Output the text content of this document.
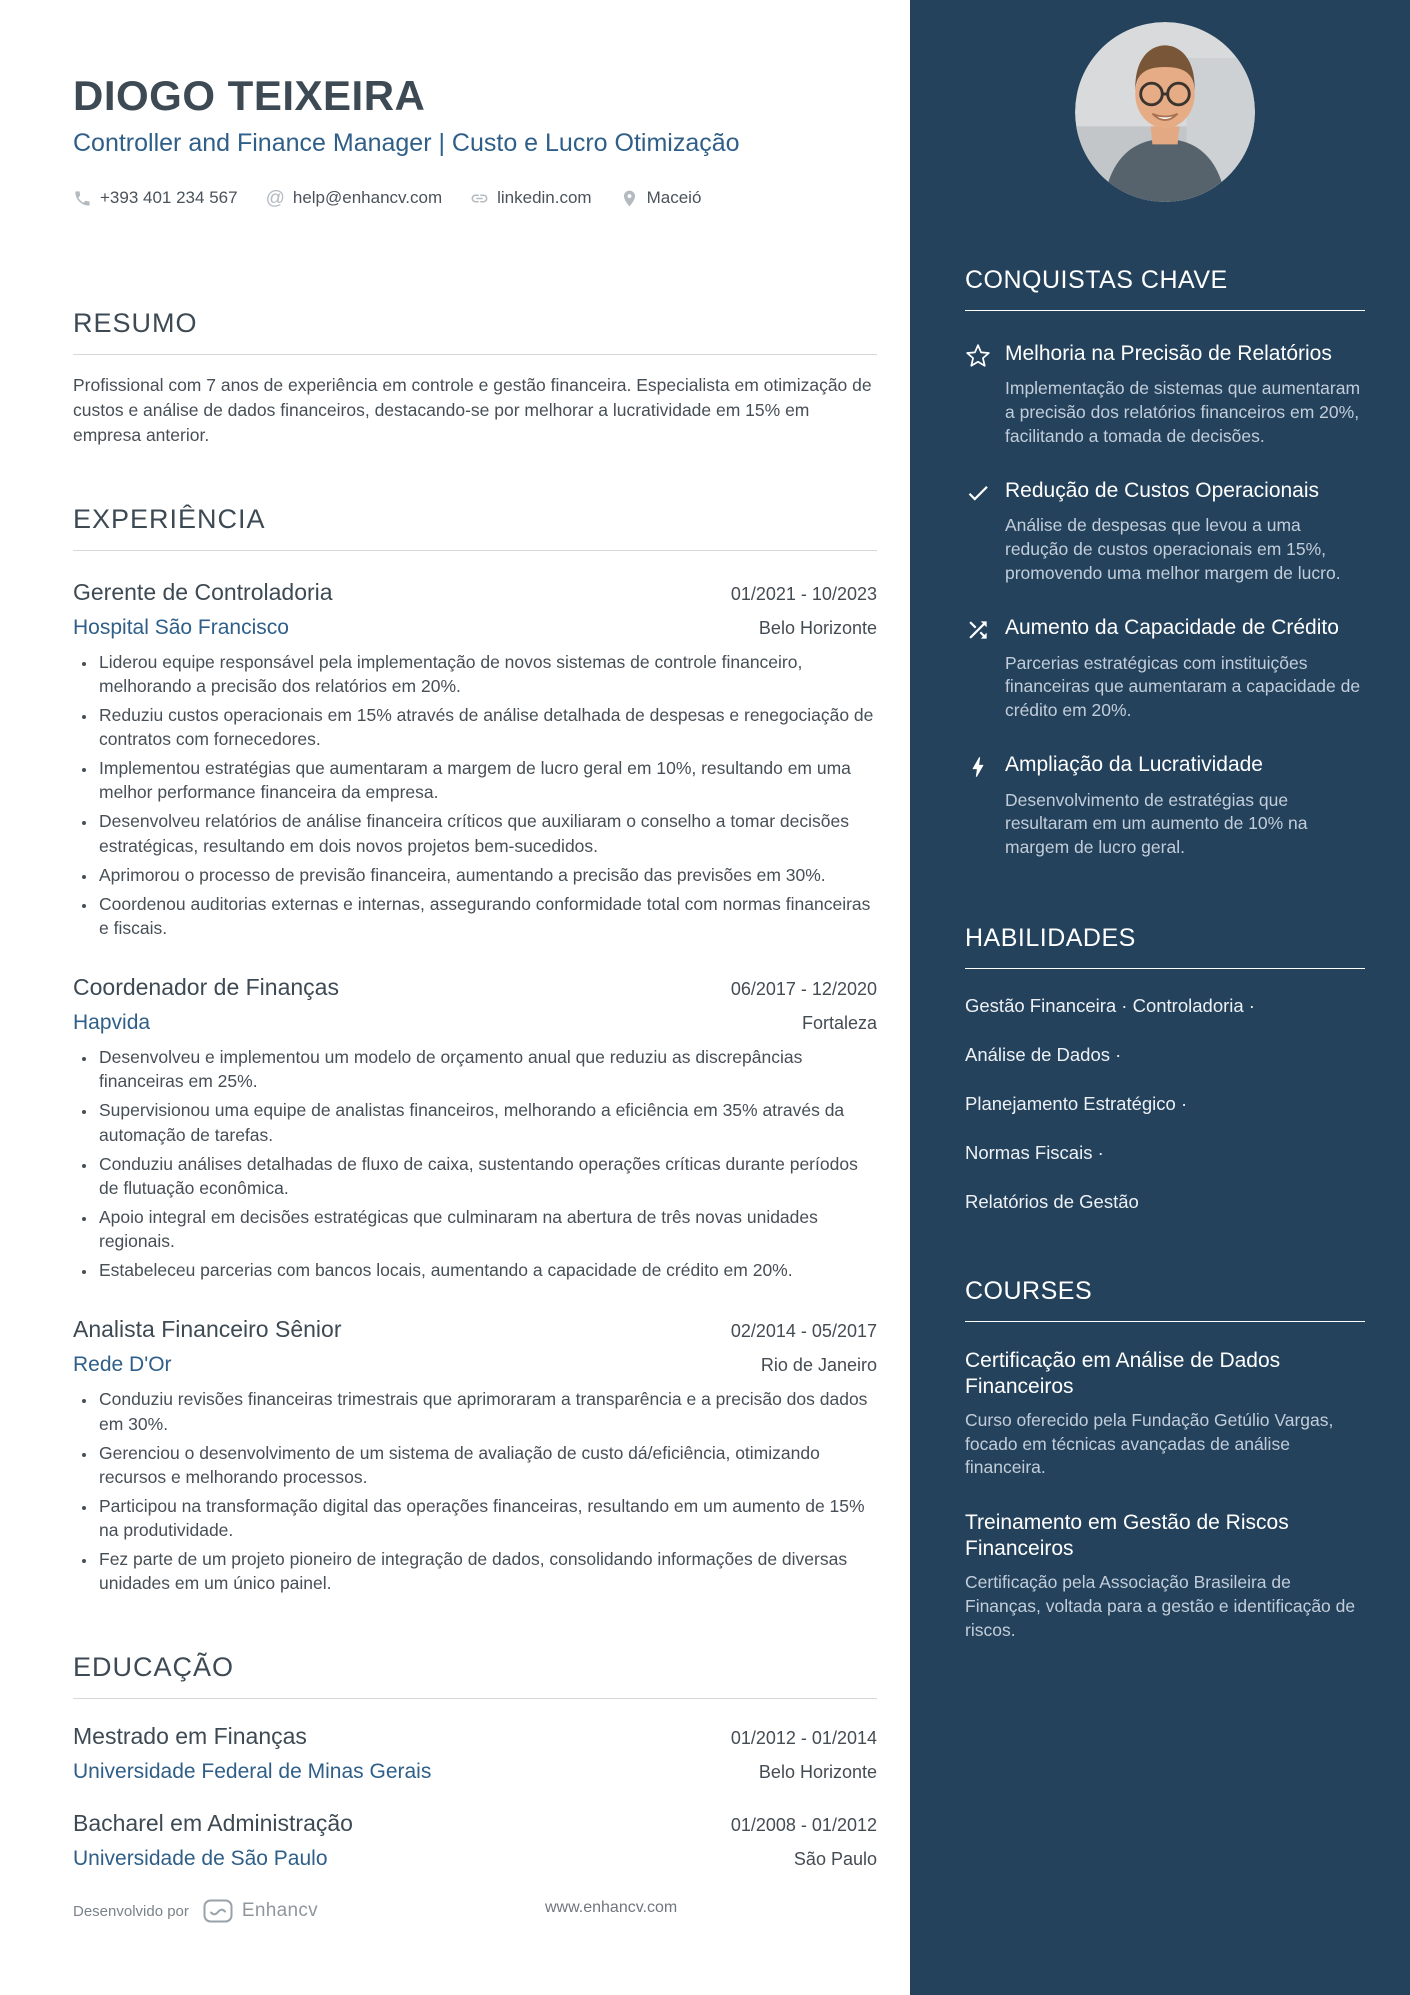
DIOGO TEIXEIRA
Controller and Finance Manager | Custo e Lucro Otimização
+393 401 234 567 @ help@enhancv.com	linkedin.com	Maceió
RESUMO

Profissional com 7 anos de experiência em controle e gestão financeira. Especialista em otimização de custos e análise de dados financeiros, destacando-se por melhorar a lucratividade em 15% em empresa anterior.

EXPERIÊNCIA
Gerente de Controladoria	01/2021 - 10/2023
Hospital São Francisco	Belo Horizonte
• Liderou equipe responsável pela implementação de novos sistemas de controle financeiro, melhorando a precisão dos relatórios em 20%.
• Reduziu custos operacionais em 15% através de análise detalhada de despesas e renegociação de contratos com fornecedores.
• Implementou estratégias que aumentaram a margem de lucro geral em 10%, resultando em uma melhor performance financeira da empresa.
• Desenvolveu relatórios de análise financeira críticos que auxiliaram o conselho a tomar decisões estratégicas, resultando em dois novos projetos bem-sucedidos.
• Aprimorou o processo de previsão financeira, aumentando a precisão das previsões em 30%.
• Coordenou auditorias externas e internas, assegurando conformidade total com normas financeiras e fiscais.
Coordenador de Finanças	06/2017 - 12/2020
Hapvida	Fortaleza
• Desenvolveu e implementou um modelo de orçamento anual que reduziu as discrepâncias financeiras em 25%.
• Supervisionou uma equipe de analistas financeiros, melhorando a eficiência em 35% através da automação de tarefas.
• Conduziu análises detalhadas de fluxo de caixa, sustentando operações críticas durante períodos de flutuação econômica.
• Apoio integral em decisões estratégicas que culminaram na abertura de três novas unidades regionais.
• Estabeleceu parcerias com bancos locais, aumentando a capacidade de crédito em 20%.
Analista Financeiro Sênior	02/2014 - 05/2017
Rede D'Or	Rio de Janeiro
• Conduziu revisões financeiras trimestrais que aprimoraram a transparência e a precisão dos dados em 30%.
• Gerenciou o desenvolvimento de um sistema de avaliação de custo dá/eficiência, otimizando recursos e melhorando processos.
• Participou na transformação digital das operações financeiras, resultando em um aumento de 15% na produtividade.
• Fez parte de um projeto pioneiro de integração de dados, consolidando informações de diversas unidades em um único painel.
EDUCAÇÃO
Mestrado em Finanças	01/2012 - 01/2014
Universidade Federal de Minas Gerais	Belo Horizonte
Bacharel em Administração	01/2008 - 01/2012
Universidade de São Paulo	São Paulo
Desenvolvido por	Enhancv	www.enhancv.com
CONQUISTAS CHAVE
Melhoria na Precisão de Relatórios
Implementação de sistemas que aumentaram a precisão dos relatórios financeiros em 20%, facilitando a tomada de decisões.
Redução de Custos Operacionais
Análise de despesas que levou a uma redução de custos operacionais em 15%, promovendo uma melhor margem de lucro.
Aumento da Capacidade de Crédito
Parcerias estratégicas com instituições financeiras que aumentaram a capacidade de crédito em 20%.
Ampliação da Lucratividade
Desenvolvimento de estratégias que resultaram em um aumento de 10% na margem de lucro geral.
HABILIDADES
Gestão Financeira · Controladoria ·
Análise de Dados ·
Planejamento Estratégico ·
Normas Fiscais ·
Relatórios de Gestão
COURSES
Certificação em Análise de Dados Financeiros
Curso oferecido pela Fundação Getúlio Vargas, focado em técnicas avançadas de análise financeira.
Treinamento em Gestão de Riscos Financeiros
Certificação pela Associação Brasileira de Finanças, voltada para a gestão e identificação de riscos.
